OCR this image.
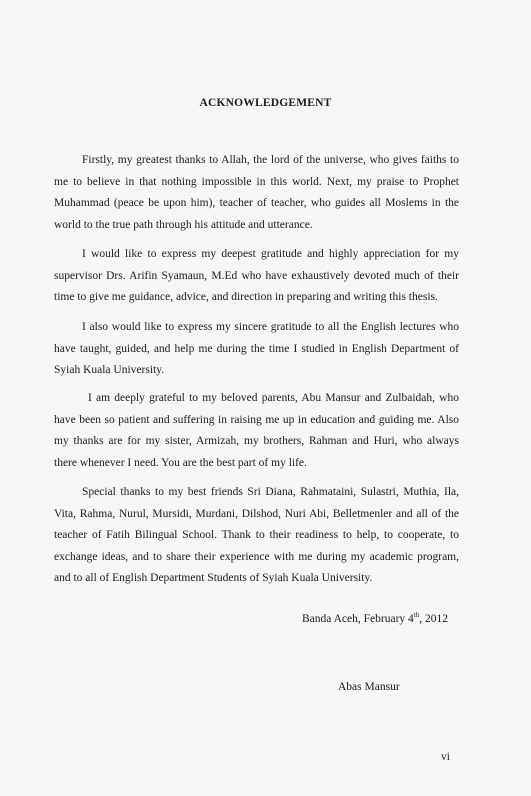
ACKNOWLEDGEMENT

Firstly, my greatest thanks to Allah, the lord of the universe, who gives faiths to me to believe in that nothing impossible in this world. Next, my praise to Prophet Muhammad (peace be upon him), teacher of teacher, who guides all Moslems in the world to the true path through his attitude and utterance.

I would like to express my deepest gratitude and highly appreciation for my supervisor Drs. Arifin Syamaun, M.Ed who have exhaustively devoted much of their time to give me guidance, advice, and direction in preparing and writing this thesis.

I also would like to express my sincere gratitude to all the English lectures who have taught, guided, and help me during the time I studied in English Department of Syiah Kuala University.

I am deeply grateful to my beloved parents, Abu Mansur and Zulbaidah, who have been so patient and suffering in raising me up in education and guiding me. Also my thanks are for my sister, Armizah, my brothers, Rahman and Huri, who always there whenever I need. You are the best part of my life.

Special thanks to my best friends Sri Diana, Rahmataini, Sulastri, Muthia, Ila, Vita, Rahma, Nurul, Mursidi, Murdani, Dilshod, Nuri Abi, Belletmenler and all of the teacher of Fatih Bilingual School. Thank to their readiness to help, to cooperate, to exchange ideas, and to share their experience with me during my academic program, and to all of English Department Students of Syiah Kuala University.

Banda Aceh, February 4th, 2012
Abas Mansur
vi
